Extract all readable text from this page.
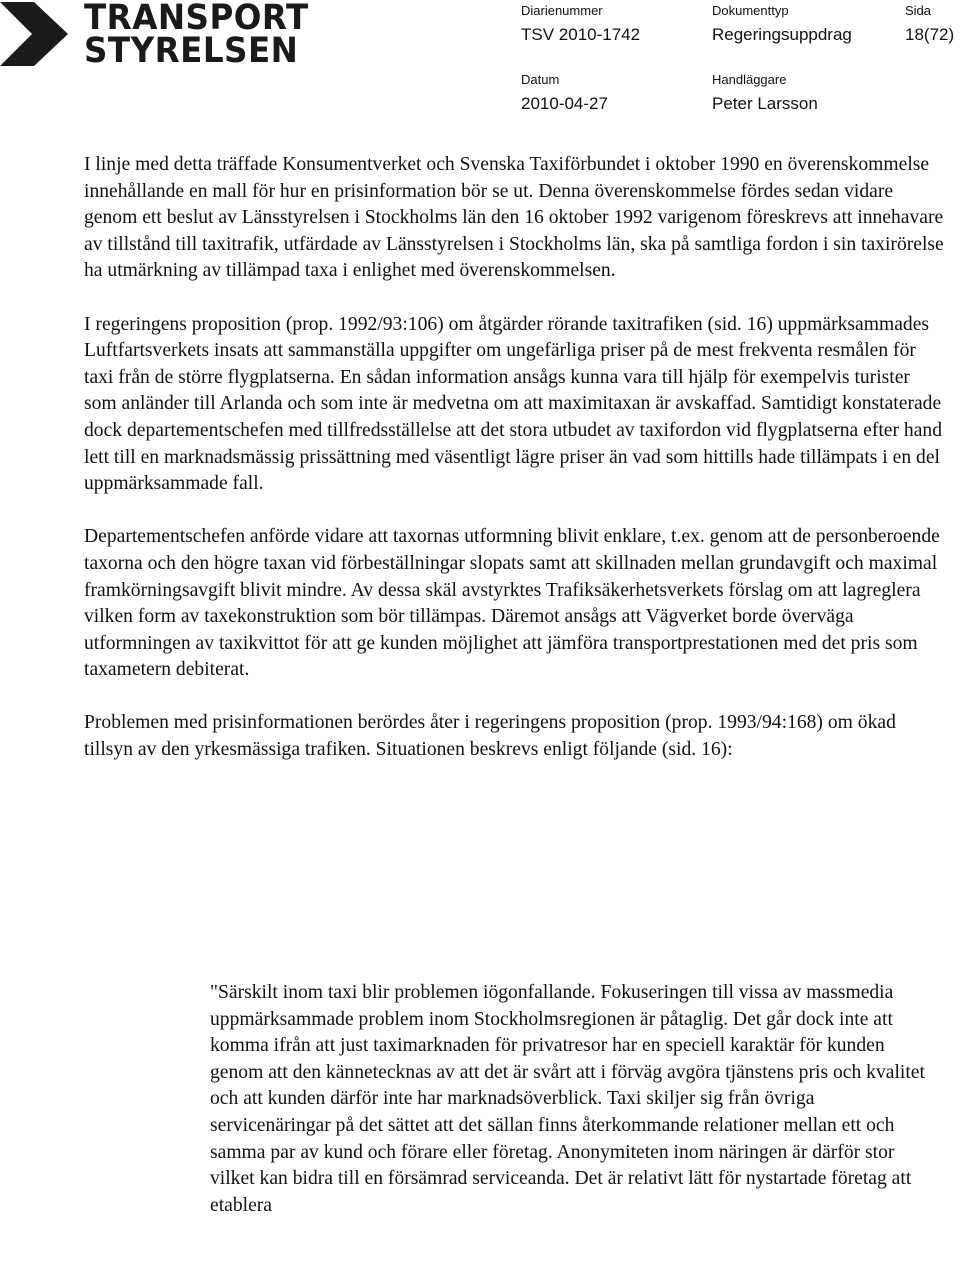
TRANSPORT
STYRELSEN
Diarienummer
TSV 2010-1742
Dokumenttyp
Regeringsuppdrag
Sida
18(72)
Datum
2010-04-27
Handläggare
Peter Larsson

I linje med detta träffade Konsumentverket och Svenska Taxiförbundet i oktober 1990 en överenskommelse innehållande en mall för hur en prisinformation bör se ut. Denna överenskommelse fördes sedan vidare genom ett beslut av Länsstyrelsen i Stockholms län den 16 oktober 1992 varigenom föreskrevs att innehavare av tillstånd till taxitrafik, utfärdade av Länsstyrelsen i Stockholms län, ska på samtliga fordon i sin taxirörelse ha utmärkning av tillämpad taxa i enlighet med överenskommelsen.

I regeringens proposition (prop. 1992/93:106) om åtgärder rörande taxitrafiken (sid. 16) uppmärksammades Luftfartsverkets insats att sammanställa uppgifter om ungefärliga priser på de mest frekventa resmålen för taxi från de större flygplatserna. En sådan information ansågs kunna vara till hjälp för exempelvis turister som anländer till Arlanda och som inte är medvetna om att maximitaxan är avskaffad. Samtidigt konstaterade dock departementschefen med tillfredsställelse att det stora utbudet av taxifordon vid flygplatserna efter hand lett till en marknadsmässig prissättning med väsentligt lägre priser än vad som hittills hade tillämpats i en del uppmärksammade fall.

Departementschefen anförde vidare att taxornas utformning blivit enklare, t.ex. genom att de personberoende taxorna och den högre taxan vid förbeställningar slopats samt att skillnaden mellan grundavgift och maximal framkörningsavgift blivit mindre. Av dessa skäl avstyrktes Trafiksäkerhetsverkets förslag om att lagreglera vilken form av taxekonstruktion som bör tillämpas. Däremot ansågs att Vägverket borde överväga utformningen av taxikvittot för att ge kunden möjlighet att jämföra transportprestationen med det pris som taxametern debiterat.

Problemen med prisinformationen berördes åter i regeringens proposition (prop. 1993/94:168) om ökad tillsyn av den yrkesmässiga trafiken. Situationen beskrevs enligt följande (sid. 16):

"Särskilt inom taxi blir problemen iögonfallande. Fokuseringen till vissa av massmedia uppmärksammade problem inom Stockholmsregionen är påtaglig. Det går dock inte att komma ifrån att just taximarknaden för privatresor har en speciell karaktär för kunden genom att den kännetecknas av att det är svårt att i förväg avgöra tjänstens pris och kvalitet och att kunden därför inte har marknadsöverblick. Taxi skiljer sig från övriga servicenäringar på det sättet att det sällan finns återkommande relationer mellan ett och samma par av kund och förare eller företag. Anonymiteten inom näringen är därför stor vilket kan bidra till en försämrad serviceanda. Det är relativt lätt för nystartade företag att etablera
